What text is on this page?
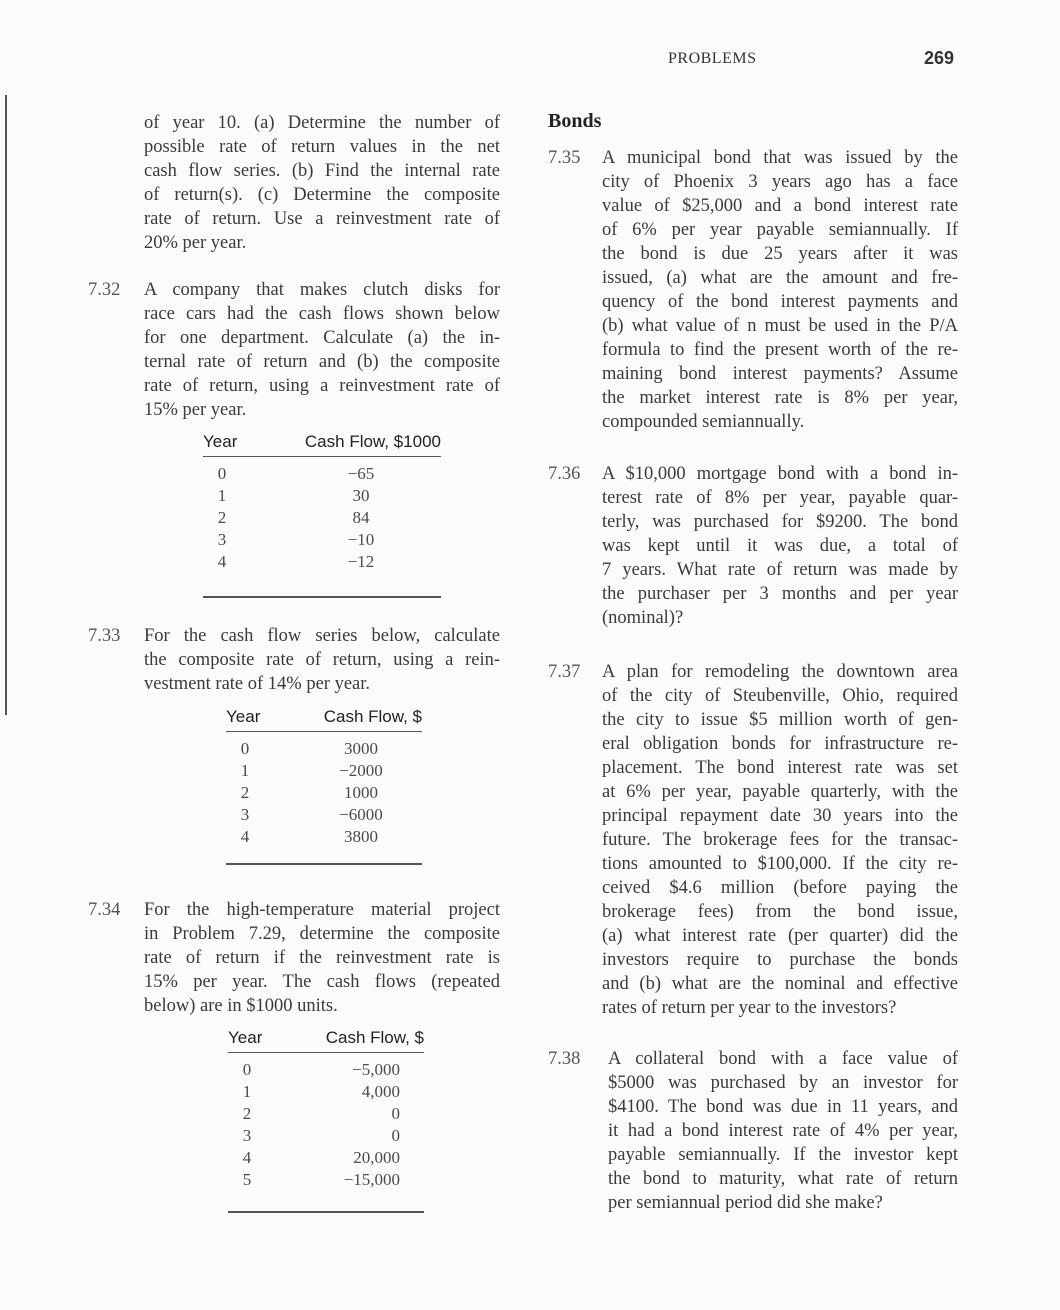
PROBLEMS	269
of year 10. (a) Determine the number of
possible rate of return values in the net
cash flow series. (b) Find the internal rate
of return(s). (c) Determine the composite
rate of return. Use a reinvestment rate of
20% per year.
7.32 A company that makes clutch disks for
race cars had the cash flows shown below
for one department. Calculate (a) the in-
ternal rate of return and (b) the composite
rate of return, using a reinvestment rate of
15% per year.
Year	Cash Flow, $1000
0	−65
1	30
2	84
3	−10
4	−12
7.33 For the cash flow series below, calculate
the composite rate of return, using a rein-
vestment rate of 14% per year.
Year	Cash Flow, $
0	3000
1	−2000
2	1000
3	−6000
4	3800
7.34 For the high-temperature material project
in Problem 7.29, determine the composite
rate of return if the reinvestment rate is
15% per year. The cash flows (repeated
below) are in $1000 units.
Year	Cash Flow, $
0	−5,000
1	4,000
2	0
3	0
4	20,000
5	−15,000
Bonds
7.35 A municipal bond that was issued by the
city of Phoenix 3 years ago has a face
value of $25,000 and a bond interest rate
of 6% per year payable semiannually. If
the bond is due 25 years after it was
issued, (a) what are the amount and fre-
quency of the bond interest payments and
(b) what value of n must be used in the P/A
formula to find the present worth of the re-
maining bond interest payments? Assume
the market interest rate is 8% per year,
compounded semiannually.
7.36 A $10,000 mortgage bond with a bond in-
terest rate of 8% per year, payable quar-
terly, was purchased for $9200. The bond
was kept until it was due, a total of
7 years. What rate of return was made by
the purchaser per 3 months and per year
(nominal)?
7.37 A plan for remodeling the downtown area
of the city of Steubenville, Ohio, required
the city to issue $5 million worth of gen-
eral obligation bonds for infrastructure re-
placement. The bond interest rate was set
at 6% per year, payable quarterly, with the
principal repayment date 30 years into the
future. The brokerage fees for the transac-
tions amounted to $100,000. If the city re-
ceived $4.6 million (before paying the
brokerage fees) from the bond issue,
(a) what interest rate (per quarter) did the
investors require to purchase the bonds
and (b) what are the nominal and effective
rates of return per year to the investors?
7.38 A collateral bond with a face value of
$5000 was purchased by an investor for
$4100. The bond was due in 11 years, and
it had a bond interest rate of 4% per year,
payable semiannually. If the investor kept
the bond to maturity, what rate of return
per semiannual period did she make?
